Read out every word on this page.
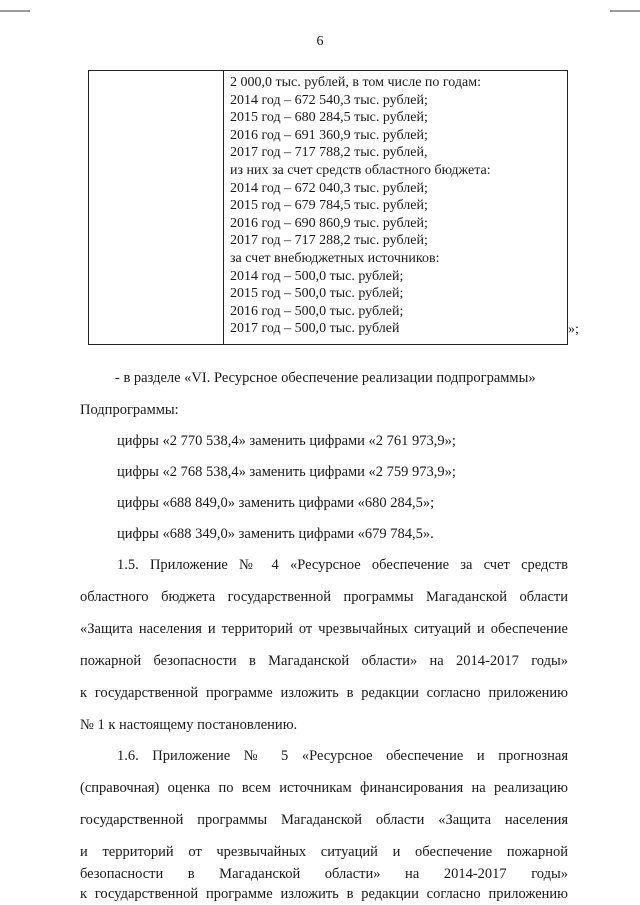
6
2 000,0 тыс. рублей, в том числе по годам:
2014 год – 672 540,3 тыс. рублей;
2015 год – 680 284,5 тыс. рублей;
2016 год – 691 360,9 тыс. рублей;
2017 год – 717 788,2 тыс. рублей,
из них за счет средств областного бюджета:
2014 год – 672 040,3 тыс. рублей;
2015 год – 679 784,5 тыс. рублей;
2016 год – 690 860,9 тыс. рублей;
2017 год – 717 288,2 тыс. рублей;
за счет внебюджетных источников:
2014 год – 500,0 тыс. рублей;
2015 год – 500,0 тыс. рублей;
2016 год – 500,0 тыс. рублей;
2017 год – 500,0 тыс. рублей	»;
- в разделе «VI. Ресурсное обеспечение реализации подпрограммы»
Подпрограммы:
цифры «2 770 538,4» заменить цифрами «2 761 973,9»;
цифры «2 768 538,4» заменить цифрами «2 759 973,9»;
цифры «688 849,0» заменить цифрами «680 284,5»;
цифры «688 349,0» заменить цифрами «679 784,5».
1.5. Приложение № 4 «Ресурсное обеспечение за счет средств
областного бюджета государственной программы Магаданской области
«Защита населения и территорий от чрезвычайных ситуаций и обеспечение
пожарной безопасности в Магаданской области» на 2014-2017 годы»
к государственной программе изложить в редакции согласно приложению
№ 1 к настоящему постановлению.
1.6. Приложение № 5 «Ресурсное обеспечение и прогнозная
(справочная) оценка по всем источникам финансирования на реализацию
государственной программы Магаданской области «Защита населения
и территорий от чрезвычайных ситуаций и обеспечение пожарной
безопасности в Магаданской области» на 2014-2017 годы»
к государственной программе изложить в редакции согласно приложению
